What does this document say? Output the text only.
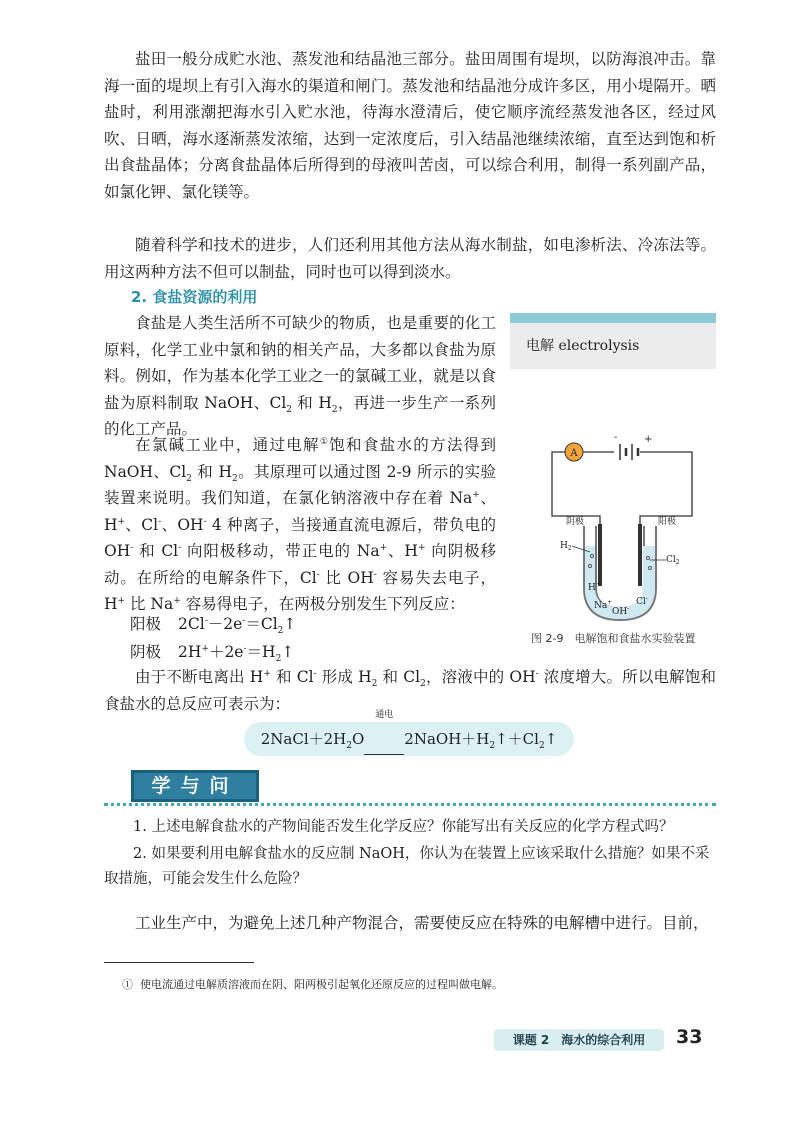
盐田一般分成贮水池、蒸发池和结晶池三部分。盐田周围有堤坝，以防海浪冲击。靠海一面的堤坝上有引入海水的渠道和闸门。蒸发池和结晶池分成许多区，用小堤隔开。晒盐时，利用涨潮把海水引入贮水池，待海水澄清后，使它顺序流经蒸发池各区，经过风吹、日晒，海水逐渐蒸发浓缩，达到一定浓度后，引入结晶池继续浓缩，直至达到饱和析出食盐晶体；分离食盐晶体后所得到的母液叫苦卤，可以综合利用，制得一系列副产品，如氯化钾、氯化镁等。

随着科学和技术的进步，人们还利用其他方法从海水制盐，如电渗析法、冷冻法等。用这两种方法不但可以制盐，同时也可以得到淡水。

2. 食盐资源的利用
电解 electrolysis

食盐是人类生活所不可缺少的物质，也是重要的化工原料，化学工业中氯和钠的相关产品，大多都以食盐为原料。例如，作为基本化学工业之一的氯碱工业，就是以食盐为原料制取 NaOH、$Cl_2$ 和 $H_2$，再进一步生产一系列的化工产品。

在氯碱工业中，通过电解①饱和食盐水的方法得到 NaOH、$Cl_2$ 和 $H_2$。其原理可以通过图 2-9 所示的实验装置来说明。我们知道，在氯化钠溶液中存在着 Na+、H+、Cl-、OH- 4 种离子，当接通直流电源后，带负电的 OH- 和 Cl- 向阳极移动，带正电的 Na+、H+ 向阴极移动。在所给的电解条件下，Cl- 比 OH- 容易失去电子，H+ 比 Na+ 容易得电子，在两极分别发生下列反应：

阳极 $2Cl^--2e^-=Cl_2↑$
阴极 $2H^++2e^-=H_2↑$

由于不断电离出 H+ 和 Cl- 形成 $H_2$ 和 $Cl_2$，溶液中的 OH- 浓度增大。所以电解饱和食盐水的总反应可表示为：

$2NaCl+2H_2O$
通电

$2NaOH+H_2↑+Cl_2↑$
A
-	+
阴极	阳极
$H_2$
$Cl_2$
H+
Na+
OH-
Cl-
图 2-9　电解饱和食盐水实验装置
学与问

1. 上述电解食盐水的产物间能否发生化学反应？你能写出有关反应的化学方程式吗？

2. 如果要利用电解食盐水的反应制 NaOH，你认为在装置上应该采取什么措施？如果不采取措施，可能会发生什么危险？

工业生产中，为避免上述几种产物混合，需要使反应在特殊的电解槽中进行。目前，

① 使电流通过电解质溶液而在阴、阳两极引起氧化还原反应的过程叫做电解。
课题 2　海水的综合利用	33
